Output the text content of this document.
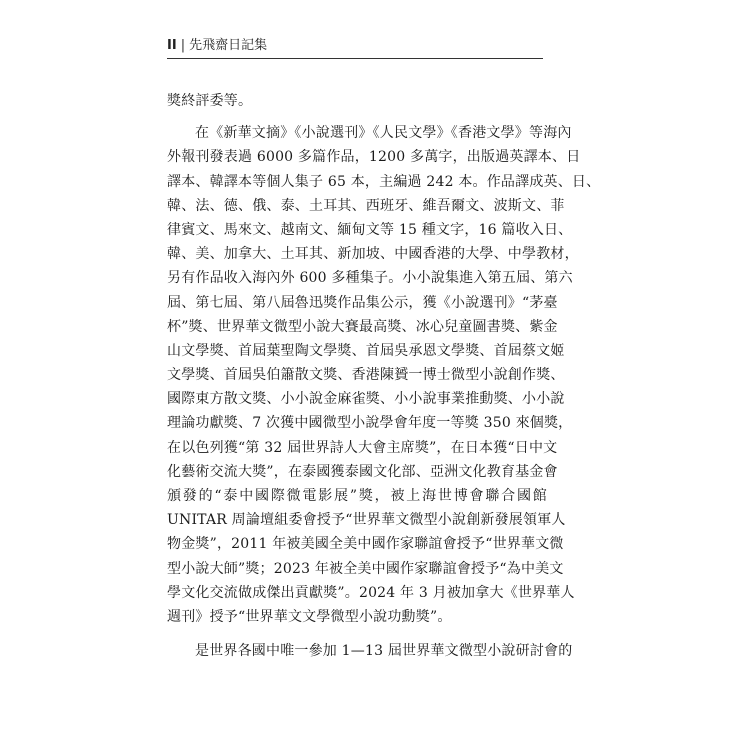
II | 先飛齋日記集
獎終評委等。
在《新華文摘》《小說選刊》《人民文學》《香港文學》等海內
外報刊發表過 6000 多篇作品，1200 多萬字，出版過英譯本、日
譯本、韓譯本等個人集子 65 本，主編過 242 本。作品譯成英、日、
韓、法、德、俄、泰、土耳其、西班牙、維吾爾文、波斯文、菲
律賓文、馬來文、越南文、緬甸文等 15 種文字，16 篇收入日、
韓、美、加拿大、土耳其、新加坡、中國香港的大學、中學教材，
另有作品收入海內外 600 多種集子。小小說集進入第五屆、第六
屆、第七屆、第八屆魯迅獎作品集公示，獲《小說選刊》“茅臺
杯”獎、世界華文微型小說大賽最高獎、冰心兒童圖書獎、紫金
山文學獎、首屆葉聖陶文學獎、首屆吳承恩文學獎、首屆蔡文姬
文學獎、首屆吳伯簫散文獎、香港陳贇一博士微型小說創作獎、
國際東方散文獎、小小說金麻雀獎、小小說事業推動獎、小小說
理論功獻獎、7 次獲中國微型小說學會年度一等獎 350 來個獎，
在以色列獲“第 32 屆世界詩人大會主席獎”，在日本獲“日中文
化藝術交流大獎”，在泰國獲泰國文化部、亞洲文化教育基金會
頒發的“泰中國際微電影展”獎，被上海世博會聯合國館
UNITAR 周論壇組委會授予“世界華文微型小說創新發展領軍人
物金獎”，2011 年被美國全美中國作家聯誼會授予“世界華文微
型小說大師”獎；2023 年被全美中國作家聯誼會授予“為中美文
學文化交流做成傑出貢獻獎”。2024 年 3 月被加拿大《世界華人
週刊》授予“世界華文文學微型小說功勳獎”。
是世界各國中唯一參加 1—13 屆世界華文微型小說研討會的
